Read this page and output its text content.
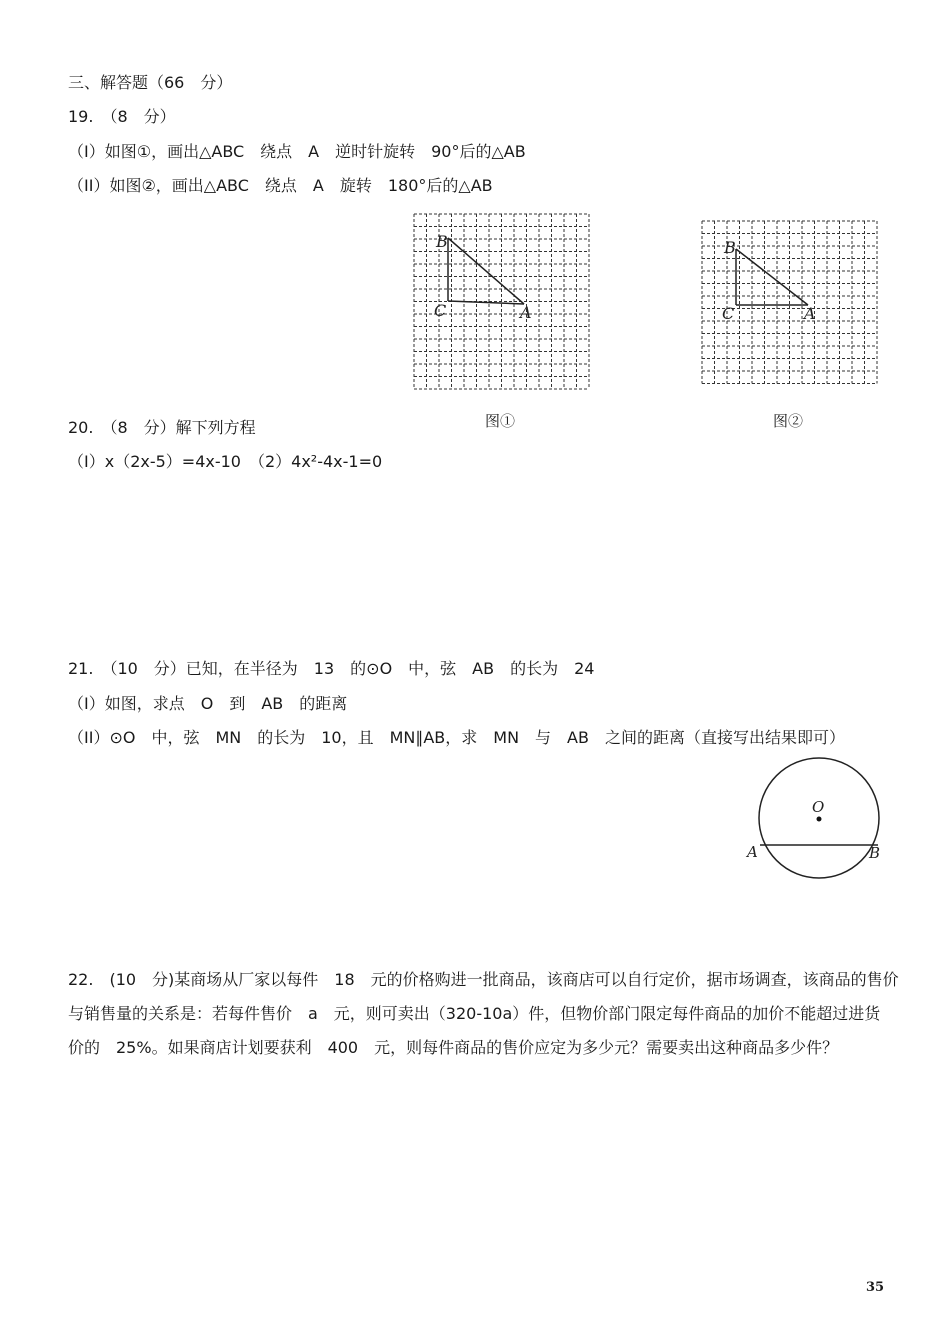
三、解答题（66　分）
19.　（8　分）
（I）如图①，画出△ABC　绕点　A　逆时针旋转　90°后的△AB
（II）如图②，画出△ABC　绕点　A　旋转　180°后的△AB
B
C	A
图①
B
C	A
图②
20.　（8　分）解下列方程
（I）x（2x-5）=4x-10　（2）4x²-4x-1=0
21.　（10　分）已知，在半径为　13　的⊙O　中，弦　AB　的长为　24
（I）如图，求点　O　到　AB　的距离
（II）⊙O　中，弦　MN　的长为　10，且　MN∥AB，求　MN　与　AB　之间的距离（直接写出结果即可）
O
A	B
22.　(10　分)某商场从厂家以每件　18　元的价格购进一批商品，该商店可以自行定价，据市场调查，该商品的售价
与销售量的关系是：若每件售价　a　元，则可卖出（320-10a）件，但物价部门限定每件商品的加价不能超过进货
价的　25%。如果商店计划要获利　400　元，则每件商品的售价应定为多少元？需要卖出这种商品多少件？
35
